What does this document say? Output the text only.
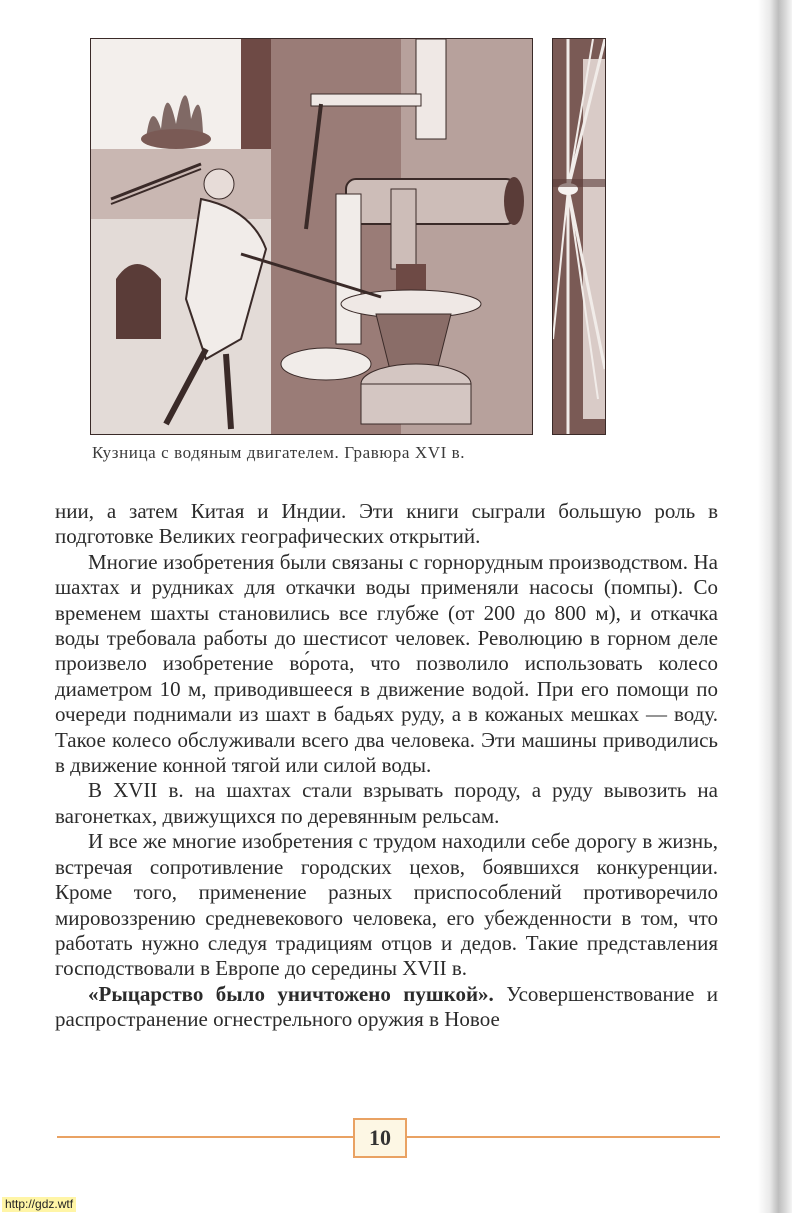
Кузница с водяным двигателем. Гравюра XVI в.

нии, а затем Китая и Индии. Эти книги сыграли большую роль в подготовке Великих географических открытий.

Многие изобретения были связаны с горнорудным производством. На шахтах и рудниках для откачки воды применяли насосы (помпы). Со временем шахты становились все глубже (от 200 до 800 м), и откачка воды требовала работы до шестисот человек. Революцию в горном деле произвело изобретение во́рота, что позволило использовать колесо диаметром 10 м, приводившееся в движение водой. При его помощи по очереди поднимали из шахт в бадьях руду, а в кожаных мешках — воду. Такое колесо обслуживали всего два человека. Эти машины приводились в движение конной тягой или силой воды.

В XVII в. на шахтах стали взрывать породу, а руду вывозить на вагонетках, движущихся по деревянным рельсам.

И все же многие изобретения с трудом находили себе дорогу в жизнь, встречая сопротивление городских цехов, боявшихся конкуренции. Кроме того, применение разных приспособлений противоречило мировоззрению средневекового человека, его убежденности в том, что работать нужно следуя традициям отцов и дедов. Такие представления господствовали в Европе до середины XVII в.

«Рыцарство было уничтожено пушкой». Усовершенствование и распространение огнестрельного оружия в Новое

10
http://gdz.wtf
